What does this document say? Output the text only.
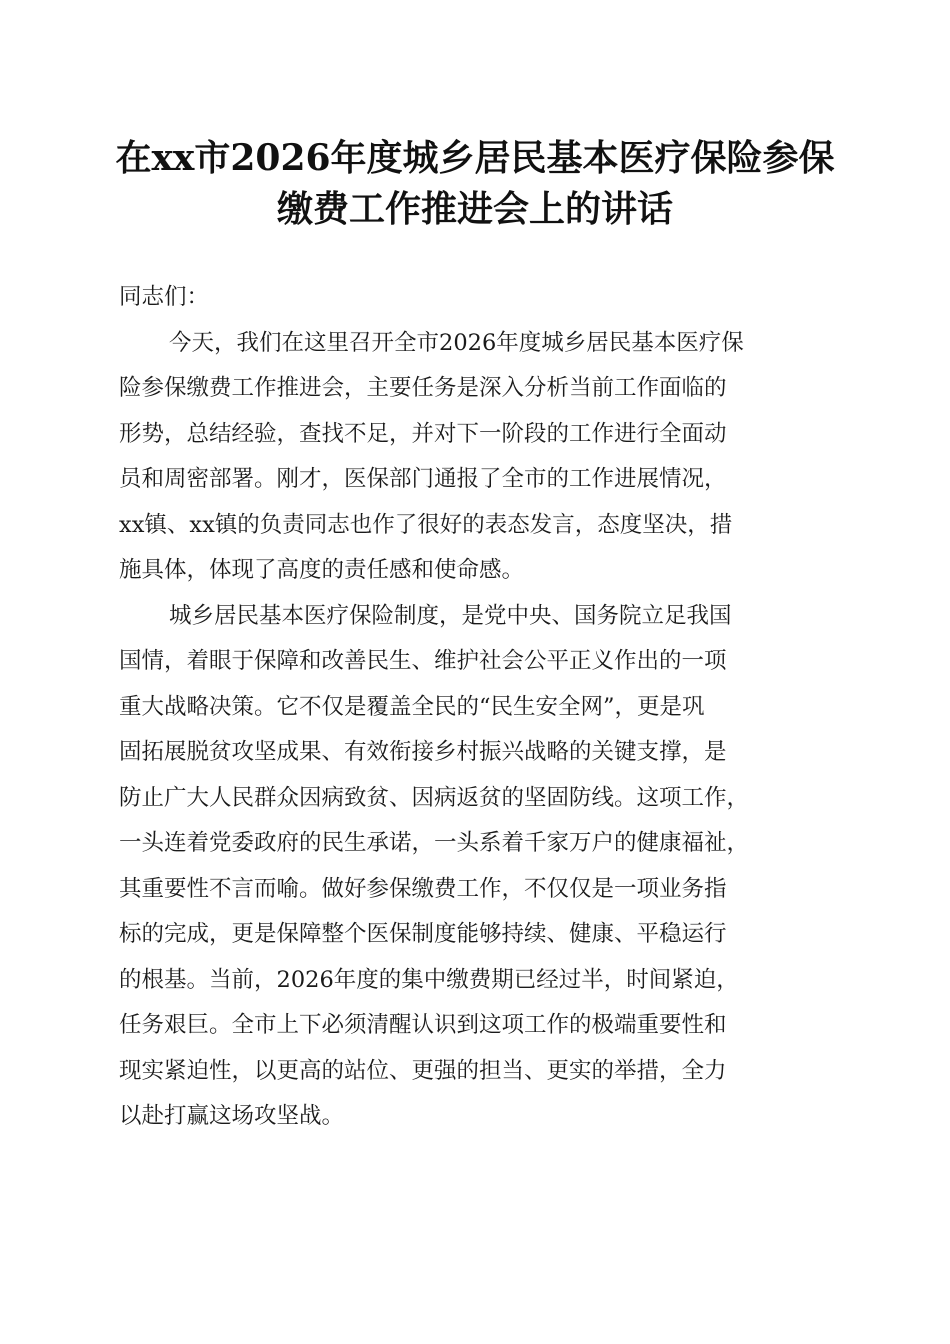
在xx市2026年度城乡居民基本医疗保险参保
缴费工作推进会上的讲话
同志们：
今天，我们在这里召开全市2026年度城乡居民基本医疗保
险参保缴费工作推进会，主要任务是深入分析当前工作面临的
形势，总结经验，查找不足，并对下一阶段的工作进行全面动
员和周密部署。刚才，医保部门通报了全市的工作进展情况，
xx镇、xx镇的负责同志也作了很好的表态发言，态度坚决，措
施具体，体现了高度的责任感和使命感。
城乡居民基本医疗保险制度，是党中央、国务院立足我国
国情，着眼于保障和改善民生、维护社会公平正义作出的一项
重大战略决策。它不仅是覆盖全民的“民生安全网”，更是巩
固拓展脱贫攻坚成果、有效衔接乡村振兴战略的关键支撑，是
防止广大人民群众因病致贫、因病返贫的坚固防线。这项工作，
一头连着党委政府的民生承诺，一头系着千家万户的健康福祉，
其重要性不言而喻。做好参保缴费工作，不仅仅是一项业务指
标的完成，更是保障整个医保制度能够持续、健康、平稳运行
的根基。当前，2026年度的集中缴费期已经过半，时间紧迫，
任务艰巨。全市上下必须清醒认识到这项工作的极端重要性和
现实紧迫性，以更高的站位、更强的担当、更实的举措，全力
以赴打赢这场攻坚战。
